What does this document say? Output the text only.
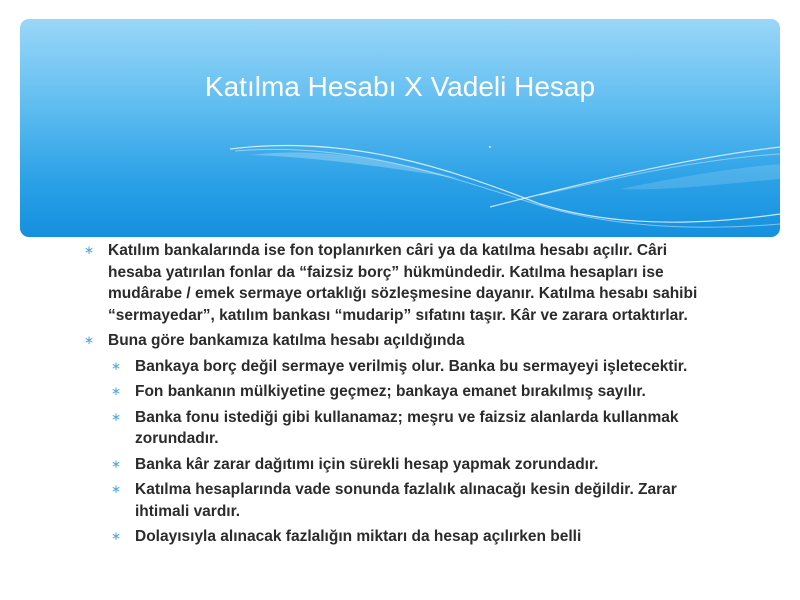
Katılma Hesabı X Vadeli Hesap
∗ Katılım bankalarında ise fon toplanırken câri ya da katılma hesabı açılır. Câri hesaba yatırılan fonlar da “faizsiz borç” hükmündedir. Katılma hesapları ise mudârabe / emek sermaye ortaklığı sözleşmesine dayanır. Katılma hesabı sahibi “sermayedar”, katılım bankası “mudarip” sıfatını taşır. Kâr ve zarara ortaktırlar.
∗ Buna göre bankamıza katılma hesabı açıldığında
∗ Bankaya borç değil sermaye verilmiş olur. Banka bu sermayeyi işletecektir.
∗ Fon bankanın mülkiyetine geçmez; bankaya emanet bırakılmış sayılır.
∗ Banka fonu istediği gibi kullanamaz; meşru ve faizsiz alanlarda kullanmak zorundadır.
∗ Banka kâr zarar dağıtımı için sürekli hesap yapmak zorundadır.
∗ Katılma hesaplarında vade sonunda fazlalık alınacağı kesin değildir. Zarar ihtimali vardır.
∗ Dolayısıyla alınacak fazlalığın miktarı da hesap açılırken belli
